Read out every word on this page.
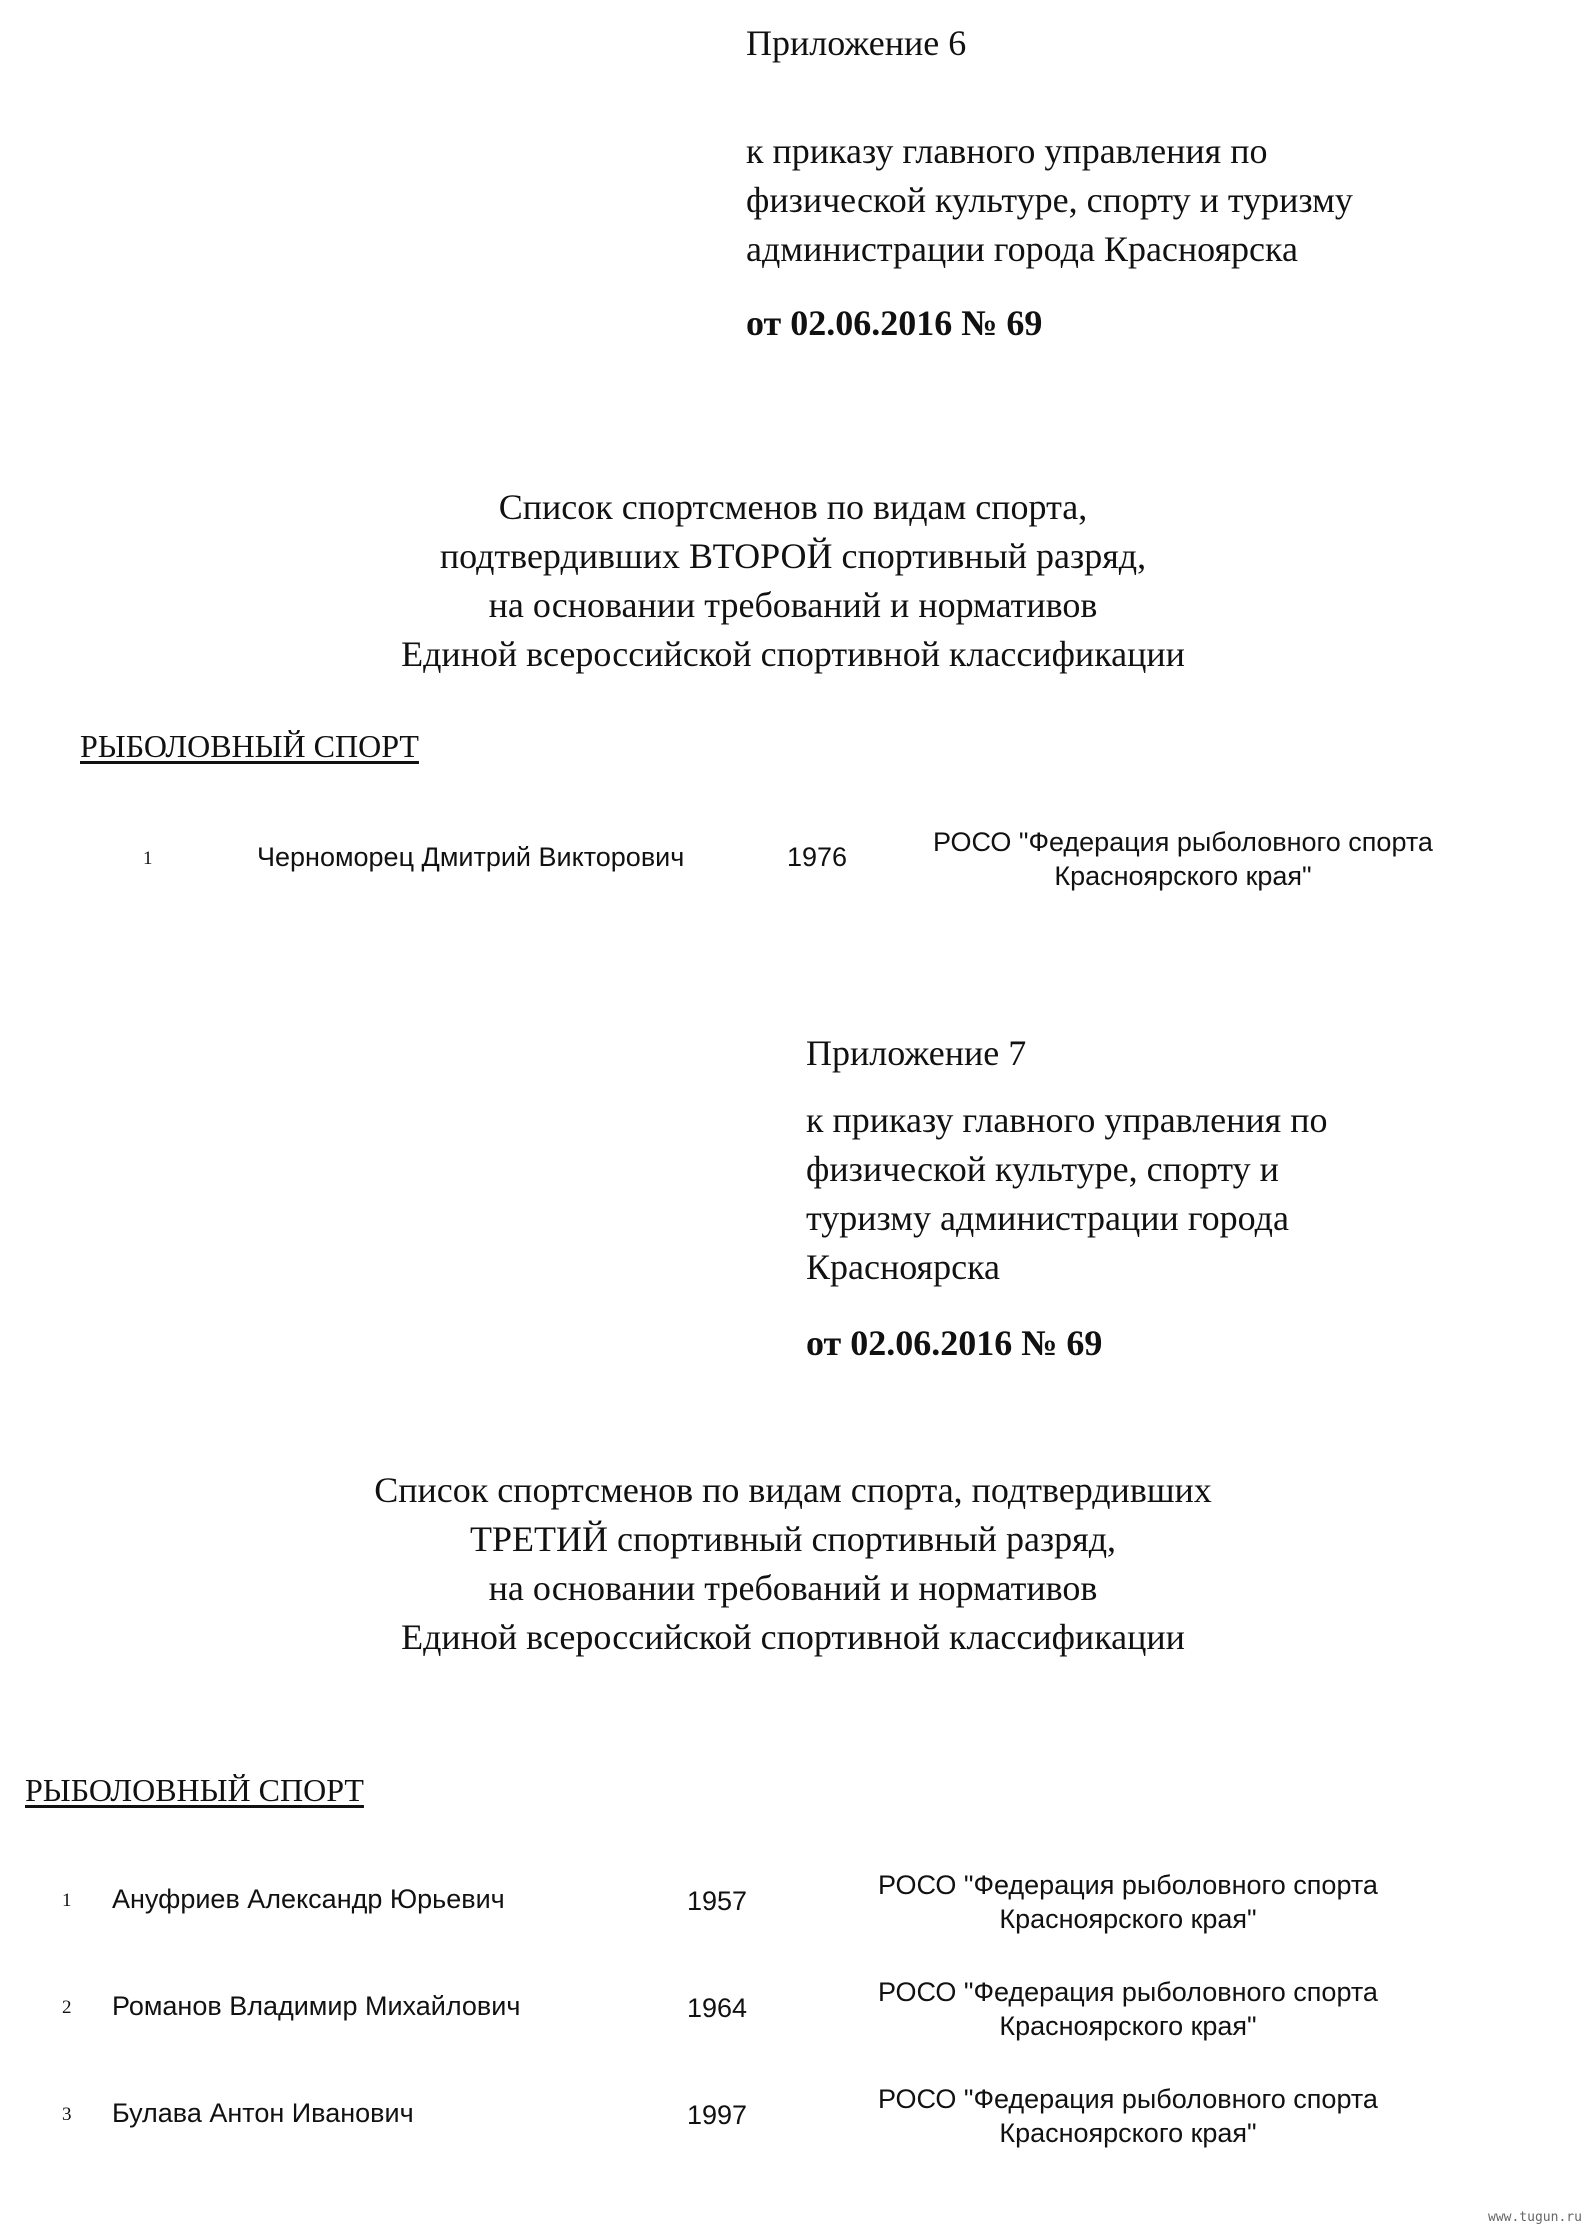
Приложение 6
к приказу главного управления по
физической культуре, спорту и туризму
администрации города Красноярска
от 02.06.2016 № 69
Список спортсменов по видам спорта,
подтвердивших ВТОРОЙ спортивный разряд,
на основании требований и нормативов
Единой всероссийской спортивной классификации
РЫБОЛОВНЫЙ СПОРТ
1	Черноморец Дмитрий Викторович	1976	РОСО "Федерация рыболовного спорта
Красноярского края"
Приложение 7
к приказу главного управления по
физической культуре, спорту и
туризму администрации города
Красноярска
от 02.06.2016 № 69
Список спортсменов по видам спорта, подтвердивших
ТРЕТИЙ спортивный спортивный разряд,
на основании требований и нормативов
Единой всероссийской спортивной классификации
РЫБОЛОВНЫЙ СПОРТ
1 Ануфриев Александр Юрьевич	1957
РОСО "Федерация рыболовного спорта
Красноярского края"
2 Романов Владимир Михайлович	1964
РОСО "Федерация рыболовного спорта
Красноярского края"
3 Булава Антон Иванович	1997
РОСО "Федерация рыболовного спорта
Красноярского края"
www.tugun.ru
